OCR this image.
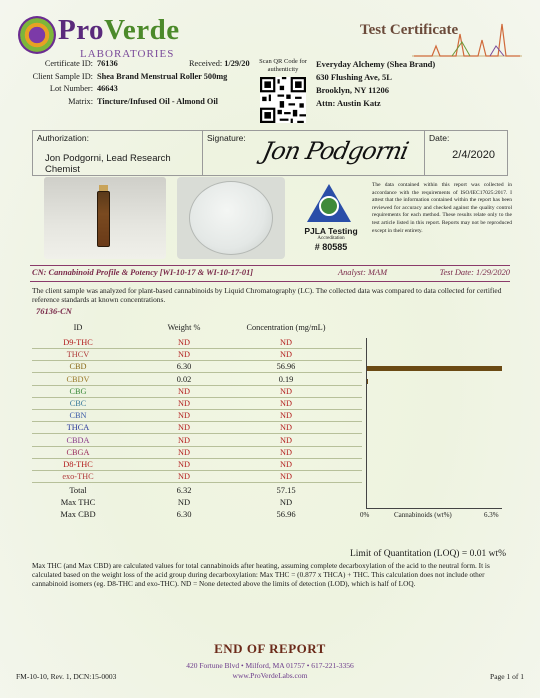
ProVerde
LABORATORIES
Test Certificate
Certificate ID: 76136	Received:
1/29/20
Client Sample ID: Shea Brand Menstrual Roller 500mg
Lot Number: 46643
Matrix: Tincture/Infused Oil - Almond Oil
Scan QR Code for authenticity	Everyday Alchemy (Shea Brand)
630 Flushing Ave, 5L
Brooklyn, NY 11206
Attn: Austin Katz
Authorization:
Jon Podgorni, Lead Research Chemist
Signature: Jon Podgorni Date:
2/4/2020
PJLA Testing
Accreditation
# 80585
The data contained within this report was collected in accordance with the requirements of ISO/IEC17025:2017. I attest that the information contained within the report has been reviewed for accuracy and checked against the quality control requirements for each method. These results relate only to the test article listed in this report. Reports may not be reproduced except in their entirety.
CN: Cannabinoid Profile & Potency [WI-10-17 & WI-10-17-01]	Analyst: MAM	Test Date: 1/29/2020
The client sample was analyzed for plant-based cannabinoids by Liquid Chromatography (LC). The collected data was compared to data collected for certified reference standards at known concentrations.
76136-CN
ID	Weight %	Concentration (mg/mL)
D9-THC	ND	ND
THCV	ND	ND
CBD	6.30	56.96
CBDV	0.02	0.19
CBG	ND	ND
CBC	ND	ND
CBN	ND	ND
THCA	ND	ND
CBDA	ND	ND
CBGA	ND	ND
D8-THC	ND	ND
exo-THC	ND	ND
Total	6.32	57.15
Max THC	ND	ND
Max CBD	6.30	56.96	0%	Cannabinoids (wt%)	6.3%
Limit of Quantitation (LOQ) = 0.01 wt%
Max THC (and Max CBD) are calculated values for total cannabinoids after heating, assuming complete decarboxylation of the acid to the neutral form. It is calculated based on the weight loss of the acid group during decarboxylation: Max THC = (0.877 x THCA) + THC. This calculation does not include other cannabinoid isomers (eg. D8-THC and exo-THC). ND = None detected above the limits of detection (LOD), which is half of LOQ.
END OF REPORT
420 Fortune Blvd • Milford, MA 01757 • 617-221-3356
www.ProVerdeLabs.com
FM-10-10, Rev. 1, DCN:15-0003	Page 1 of 1
